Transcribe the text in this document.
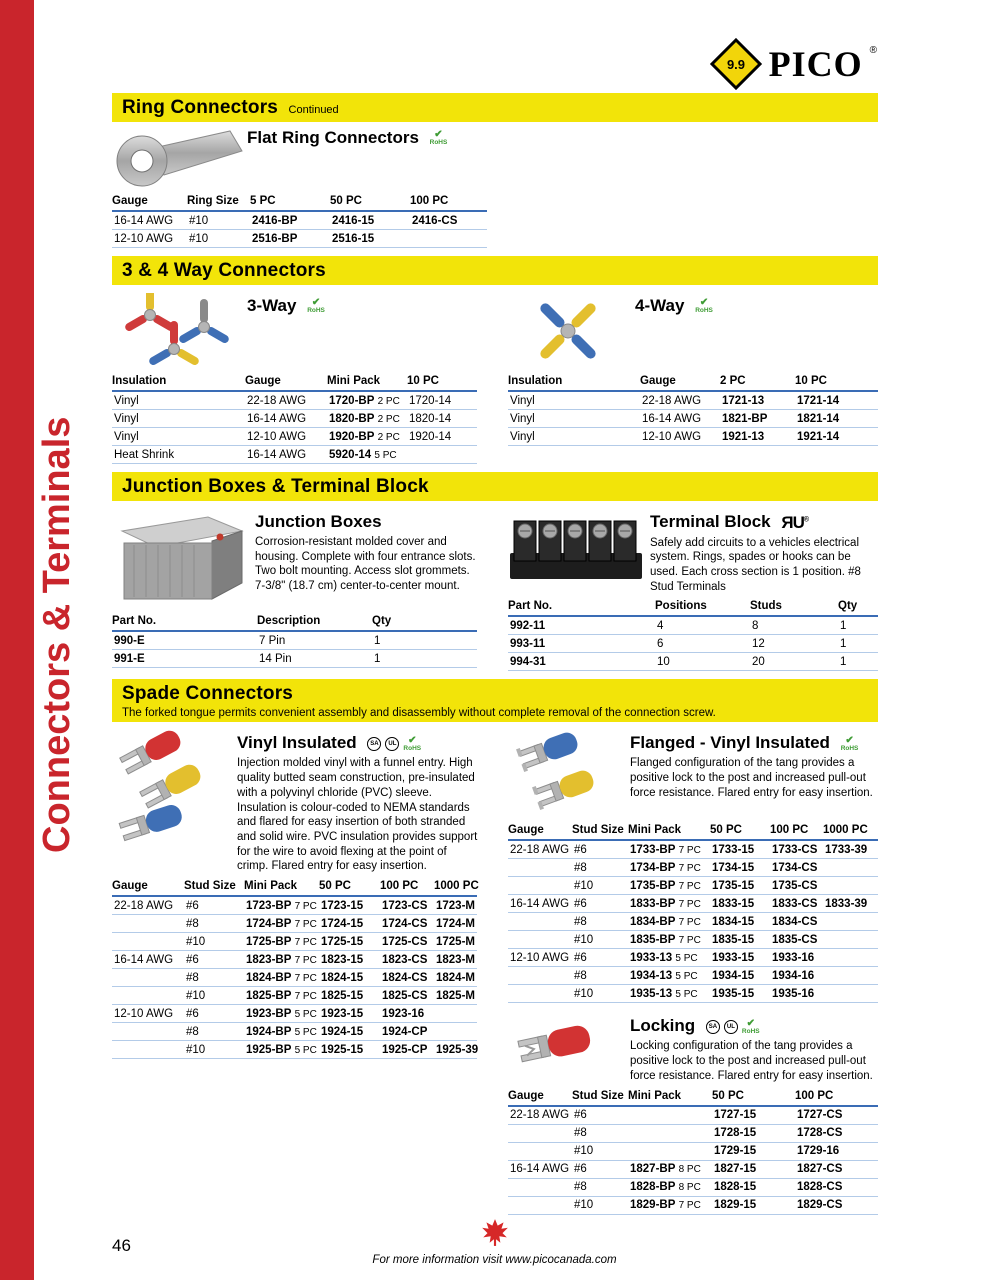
Connectors & Terminals
9.9 PICO ®
Ring Connectors Continued
Flat Ring Connectors ✔
RoHS
Gauge	Ring Size	5 PC	50 PC	100 PC
16-14 AWG	#10	2416-BP	2416-15	2416-CS
12-10 AWG	#10	2516-BP	2516-15	
3 & 4 Way Connectors
3-Way ✔
RoHS
Insulation	Gauge	Mini Pack	10 PC
Vinyl	22-18 AWG	1720-BP 2 PC	1720-14
Vinyl	16-14 AWG	1820-BP 2 PC	1820-14
Vinyl	12-10 AWG	1920-BP 2 PC	1920-14
Heat Shrink	16-14 AWG	5920-14 5 PC	
4-Way ✔
RoHS
Insulation	Gauge	2 PC	10 PC
Vinyl	22-18 AWG	1721-13	1721-14
Vinyl	16-14 AWG	1821-BP	1821-14
Vinyl	12-10 AWG	1921-13	1921-14
Junction Boxes & Terminal Block
Junction Boxes

Corrosion-resistant molded cover and housing. Complete with four entrance slots. Two bolt mounting. Access slot grommets. 7-3/8" (18.7 cm) center-to-center mount.

Part No.	Description	Qty
990-E	7 Pin	1
991-E	14 Pin	1
Terminal Block ЯU®

Safely add circuits to a vehicles electrical system. Rings, spades or hooks can be used. Each cross section is 1 position. #8 Stud Terminals

Part No.	Positions	Studs	Qty
992-11	4	8	1
993-11	6	12	1
994-31	10	20	1
Spade Connectors
The forked tongue permits convenient assembly and disassembly without complete removal of the connection screw.
Vinyl Insulated	SA	UL	✔
RoHS

Injection molded vinyl with a funnel entry. High quality butted seam construction, pre-insulated with a polyvinyl chloride (PVC) sleeve. Insulation is colour-coded to NEMA standards and flared for easy insertion of both stranded and solid wire. PVC insulation provides support for the wire to avoid flexing at the point of crimp. Flared entry for easy insertion.

Gauge	Stud Size	Mini Pack	50 PC	100 PC	1000 PC
22-18 AWG	#6	1723-BP 7 PC	1723-15	1723-CS	1723-M
	#8	1724-BP 7 PC	1724-15	1724-CS	1724-M
	#10	1725-BP 7 PC	1725-15	1725-CS	1725-M
16-14 AWG	#6	1823-BP 7 PC	1823-15	1823-CS	1823-M
	#8	1824-BP 7 PC	1824-15	1824-CS	1824-M
	#10	1825-BP 7 PC	1825-15	1825-CS	1825-M
12-10 AWG	#6	1923-BP 5 PC	1923-15	1923-16	
	#8	1924-BP 5 PC	1924-15	1924-CP	
	#10	1925-BP 5 PC	1925-15	1925-CP	1925-39
Flanged - Vinyl Insulated ✔
RoHS

Flanged configuration of the tang provides a positive lock to the post and increased pull-out force resistance. Flared entry for easy insertion.

Gauge	Stud Size	Mini Pack	50 PC	100 PC	1000 PC
22-18 AWG	#6	1733-BP 7 PC	1733-15	1733-CS	1733-39
	#8	1734-BP 7 PC	1734-15	1734-CS	
	#10	1735-BP 7 PC	1735-15	1735-CS	
16-14 AWG	#6	1833-BP 7 PC	1833-15	1833-CS	1833-39
	#8	1834-BP 7 PC	1834-15	1834-CS	
	#10	1835-BP 7 PC	1835-15	1835-CS	
12-10 AWG	#6	1933-13 5 PC	1933-15	1933-16	
	#8	1934-13 5 PC	1934-15	1934-16	
	#10	1935-13 5 PC	1935-15	1935-16	
Locking	SA	UL	✔
RoHS

Locking configuration of the tang provides a positive lock to the post and increased pull-out force resistance. Flared entry for easy insertion.

Gauge	Stud Size	Mini Pack	50 PC	100 PC
22-18 AWG	#6		1727-15	1727-CS
	#8		1728-15	1728-CS
	#10		1729-15	1729-16
16-14 AWG	#6	1827-BP 8 PC	1827-15	1827-CS
	#8	1828-BP 8 PC	1828-15	1828-CS
	#10	1829-BP 7 PC	1829-15	1829-CS
46
For more information visit www.picocanada.com
